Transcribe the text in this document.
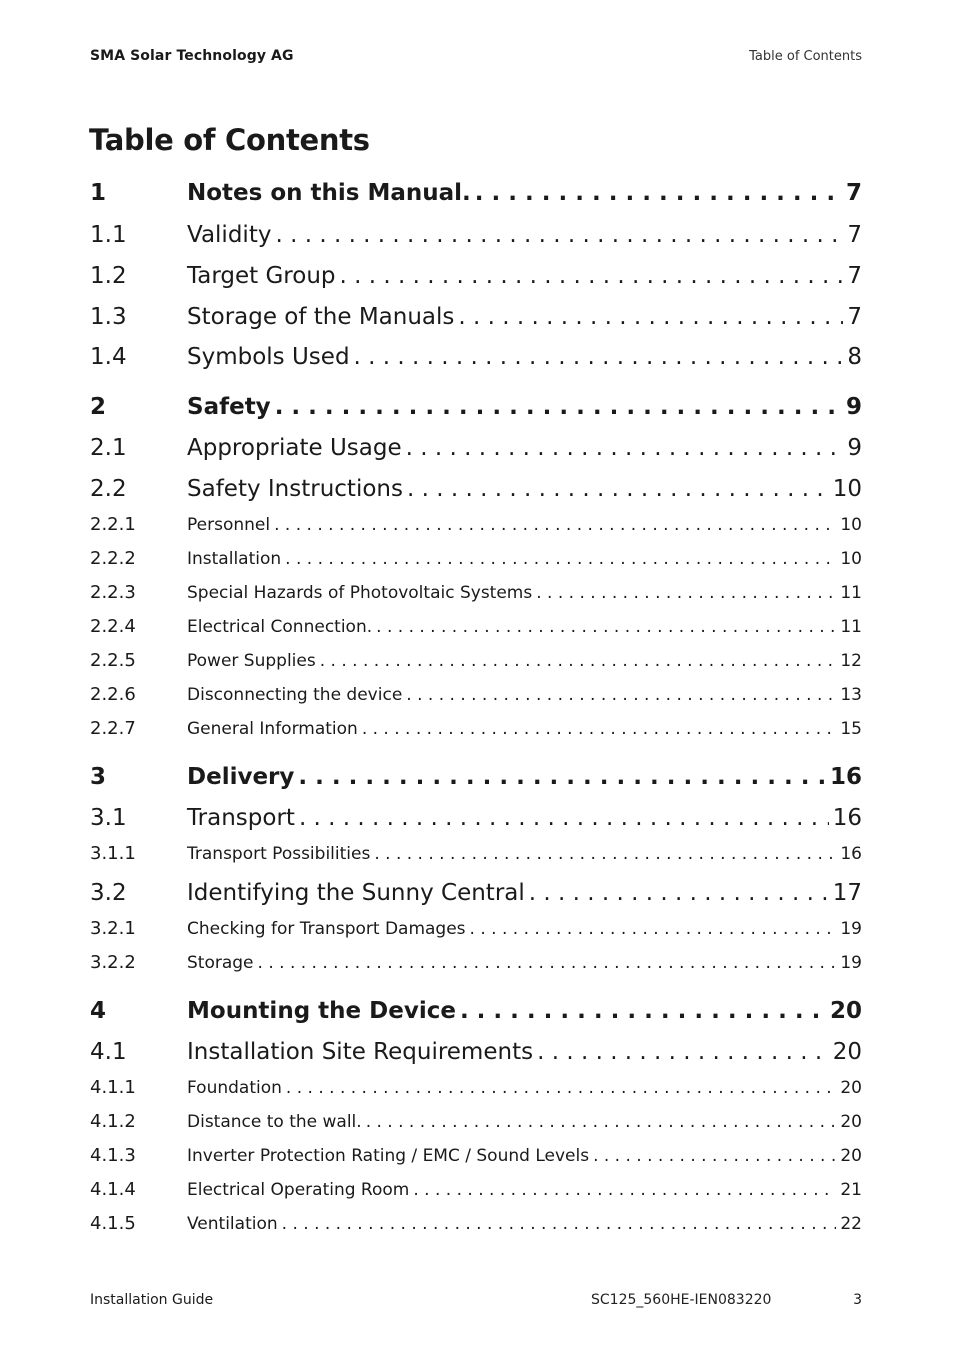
SMA Solar Technology AG	Table of Contents
Table of Contents
1	Notes on this Manual. . . .	7
1.1	Validity . . .	7
1.2	Target Group . . .	7
1.3	Storage of the Manuals . . .	7
1.4	Symbols Used . . .	8
2	Safety . . .	9
2.1	Appropriate Usage . . .	9
2.2	Safety Instructions . . .	10
2.2.1	Personnel . . .	10
2.2.2	Installation . . .	10
2.2.3	Special Hazards of Photovoltaic Systems . . .	11
2.2.4	Electrical Connection. . . .	11
2.2.5	Power Supplies . . .	12
2.2.6	Disconnecting the device . . .	13
2.2.7	General Information . . .	15
3	Delivery . . .	16
3.1	Transport . . .	16
3.1.1	Transport Possibilities . . .	16
3.2	Identifying the Sunny Central . . .	17
3.2.1	Checking for Transport Damages . . .	19
3.2.2	Storage . . .	19
4	Mounting the Device . . .	20
4.1	Installation Site Requirements . . .	20
4.1.1	Foundation . . .	20
4.1.2	Distance to the wall. . . .	20
4.1.3	Inverter Protection Rating / EMC / Sound Levels . . .	20
4.1.4	Electrical Operating Room . . .	21
4.1.5	Ventilation . . .	22
Installation Guide	SC125_560HE-IEN083220	3
